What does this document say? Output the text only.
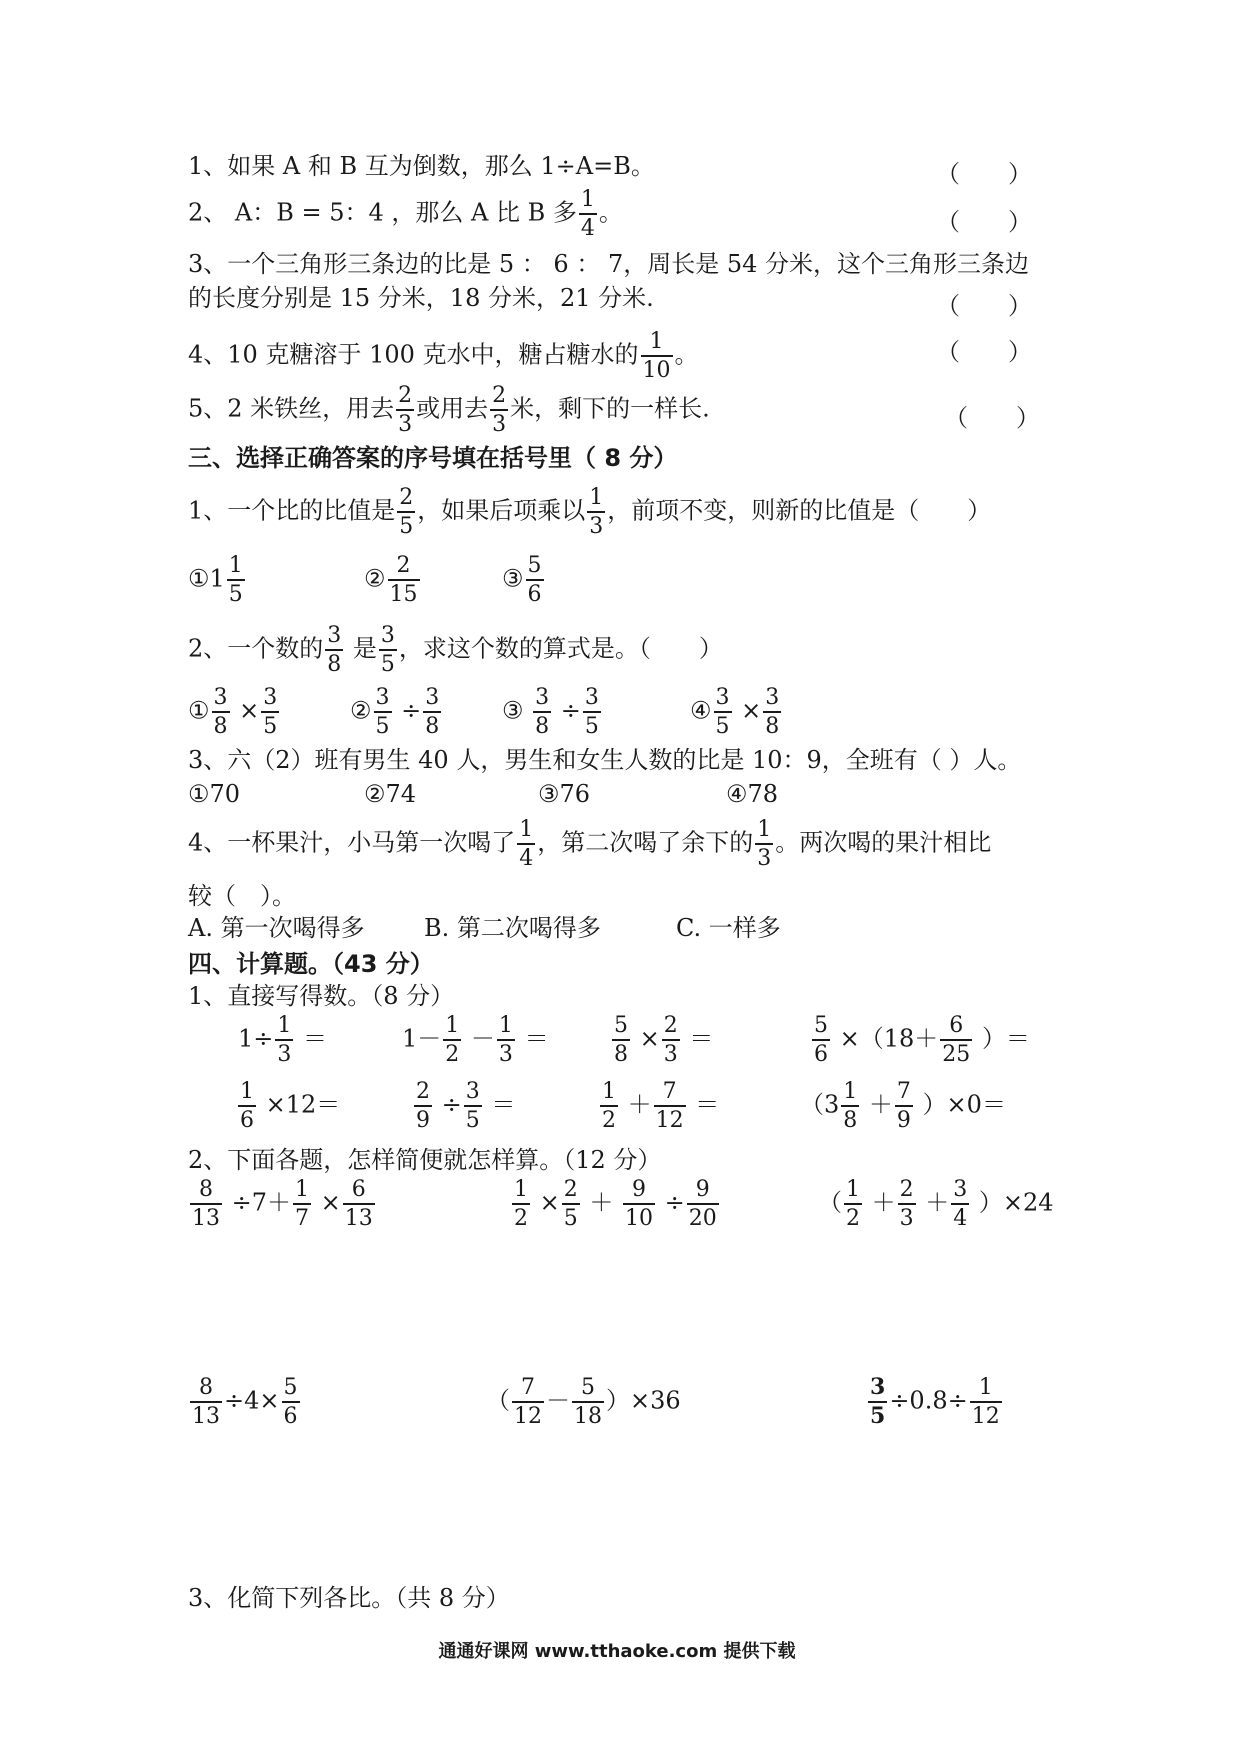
1、如果 A 和 B 互为倒数，那么 1÷A=B。	（　　）
2、 A：B = 5：4 ，那么 A 比 B 多 $\frac{1}{4}$ 。	（　　）
3、一个三角形三条边的比是 5 ： 6 ： 7，周长是 54 分米，这个三角形三条边
的长度分别是 15 分米，18 分米，21 分米.	（　　）
4、10 克糖溶于 100 克水中，糖占糖水的 $\frac{1}{10}$ 。	（　　）
5、2 米铁丝，用去 $\frac{2}{3}$ 或用去 $\frac{2}{3}$ 米，剩下的一样长.	（　　）
三、选择正确答案的序号填在括号里（ 8 分）
1、一个比的比值是 $\frac{2}{5}$ ，如果后项乘以 $\frac{1}{3}$ ，前项不变，则新的比值是（　　）
①1 $\frac{1}{5}$	② $\frac{2}{15}$	③ $\frac{5}{6}$
2、一个数的 $\frac{3}{8}$ 是 $\frac{3}{5}$ ，求这个数的算式是。（　　）
① $\frac{3}{8} \times \frac{3}{5}$	② $\frac{3}{5} \div \frac{3}{8}$	③ $\frac{3}{8} \div \frac{3}{5}$	④ $\frac{3}{5} \times \frac{3}{8}$
3、六（2）班有男生 40 人，男生和女生人数的比是 10：9，全班有（ ）人。
①70	②74	③76	④78
4、一杯果汁，小马第一次喝了 $\frac{1}{4}$ ，第二次喝了余下的 $\frac{1}{3}$ 。两次喝的果汁相比
较（　）。
A. 第一次喝得多 B. 第二次喝得多	C. 一样多
四、计算题。（43 分）
1、直接写得数。（8 分）
$1\div \frac{1}{3}$ ＝	$1- \frac{1}{2} - \frac{1}{3}$ ＝	$\frac{5}{8} \times \frac{2}{3}$ ＝	$\frac{5}{6} \times(18+ \frac{6}{25}$ ）＝
$\frac{1}{6} \times 12=$	$\frac{2}{9} \div \frac{3}{5}$ ＝	$\frac{1}{2} + \frac{7}{12}$ ＝	$(3 \frac{1}{8} + \frac{7}{9} )\times 0=$
2、下面各题，怎样简便就怎样算。（12 分）
$\frac{8}{13} \div 7+ \frac{1}{7} \times \frac{6}{13}$	$\frac{1}{2} \times \frac{2}{5} + \frac{9}{10} \div \frac{9}{20}$	（ $\frac{1}{2} + \frac{2}{3} + \frac{3}{4} )\times 24$
$\frac{8}{13} \div 4\times \frac{5}{6}$	（ $\frac{7}{12} - \frac{5}{18} )\times 36$	$\frac{3}{5} \div 0.8\div \frac{1}{12}$
3、化简下列各比。（共 8 分）
通通好课网 www.tthaoke.com 提供下载
